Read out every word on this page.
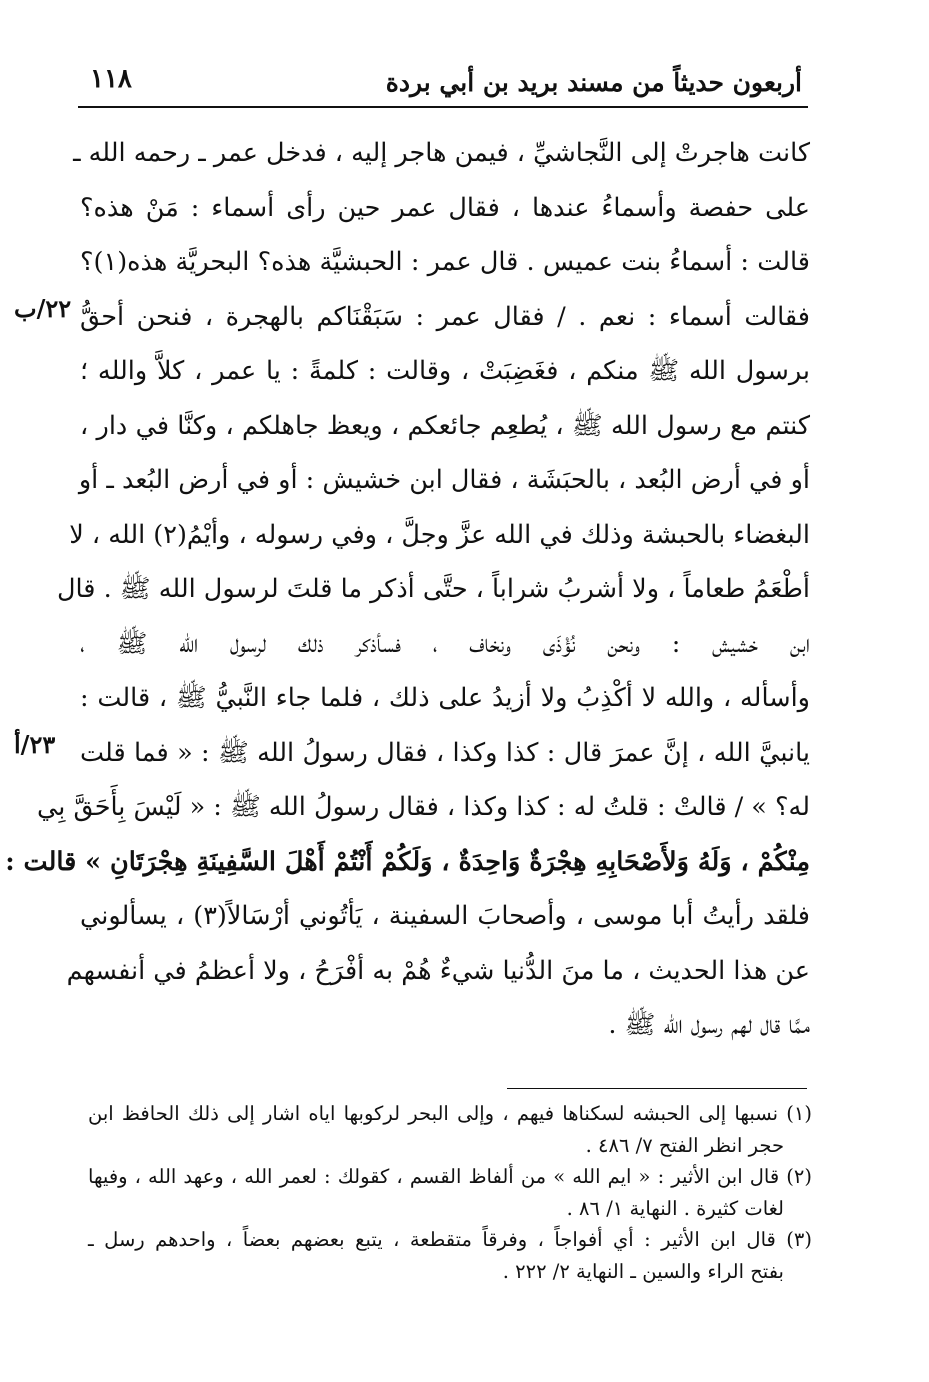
١١٨	أربعون حديثاً من مسند بريد بن أبي بردة
كانت هاجرتْ إلى النَّجاشيِّ ، فيمن هاجر إليه ، فدخل عمر ـ رحمه الله ـ
على حفصة وأسماءُ عندها ، فقال عمر حين رأى أسماء : مَنْ هذه؟
قالت : أسماءُ بنت عميس . قال عمر : الحبشيَّة هذه؟ البحريَّة هذه(١)؟
فقالت أسماء : نعم . / فقال عمر : سَبَقْنَاكم بالهجرة ، فنحن أحقُّ
برسول الله ﷺ منكم ، فغَضِبَتْ ، وقالت : كلمةً : يا عمر ، كلاَّ والله ؛
كنتم مع رسول الله ﷺ ، يُطعِم جائعكم ، ويعظ جاهلكم ، وكنَّا في دار ،
أو في أرض البُعد ، بالحبَشَة ، فقال ابن خشيش : أو في أرض البُعد ـ أو
البغضاء بالحبشة وذلك في الله عزَّ وجلَّ ، وفي رسوله ، وأيْمُ(٢) الله ، لا
أطْعَمُ طعاماً ، ولا أشربُ شراباً ، حتَّى أذكر ما قلتَ لرسول الله ﷺ . قال
ابن خشيش : ونحن نُؤْذَى ونخاف ، فسأذكر ذلك لرسول الله ﷺ ،
وأسأله ، والله لا أكْذِبُ ولا أزيدُ على ذلك ، فلما جاء النَّبيُّ ﷺ ، قالت :
يانبيَّ الله ، إنَّ عمرَ قال : كذا وكذا ، فقال رسولُ الله ﷺ : « فما قلت
له؟ » / قالتْ : قلتُ له : كذا وكذا ، فقال رسولُ الله ﷺ : « لَيْسَ بِأَحَقَّ بِي
مِنْكُمْ ، وَلَهُ وَلأَصْحَابِهِ هِجْرَةٌ وَاحِدَةٌ ، وَلَكُمْ أَنْتُمْ أَهْلَ السَّفِينَةِ هِجْرَتَانِ » قالت :
فلقد رأيتُ أبا موسى ، وأصحابَ السفينة ، يَأتُوني أرْسَالاً(٣) ، يسألوني
عن هذا الحديث ، ما منَ الدُّنيا شيءٌ هُمْ به أفْرَحُ ، ولا أعظمُ في أنفسهم
ممَّا قال لهم رسول الله ﷺ .
٢٢/ب
٢٣/أ
(١) نسبها إلى الحبشه لسكناها فيهم ، وإلى البحر لركوبها اياه اشار إلى ذلك الحافظ ابن
حجر انظر الفتح ٧/ ٤٨٦ .
(٢) قال ابن الأثير : « ايم الله » من ألفاظ القسم ، كقولك : لعمر الله ، وعهد الله ، وفيها
لغات كثيرة . النهاية ١/ ٨٦ .
(٣) قال ابن الأثير : أي أفواجاً ، وفرقاً متقطعة ، يتبع بعضهم بعضاً ، واحدهم رسل ـ
بفتح الراء والسين ـ النهاية ٢/ ٢٢٢ .
